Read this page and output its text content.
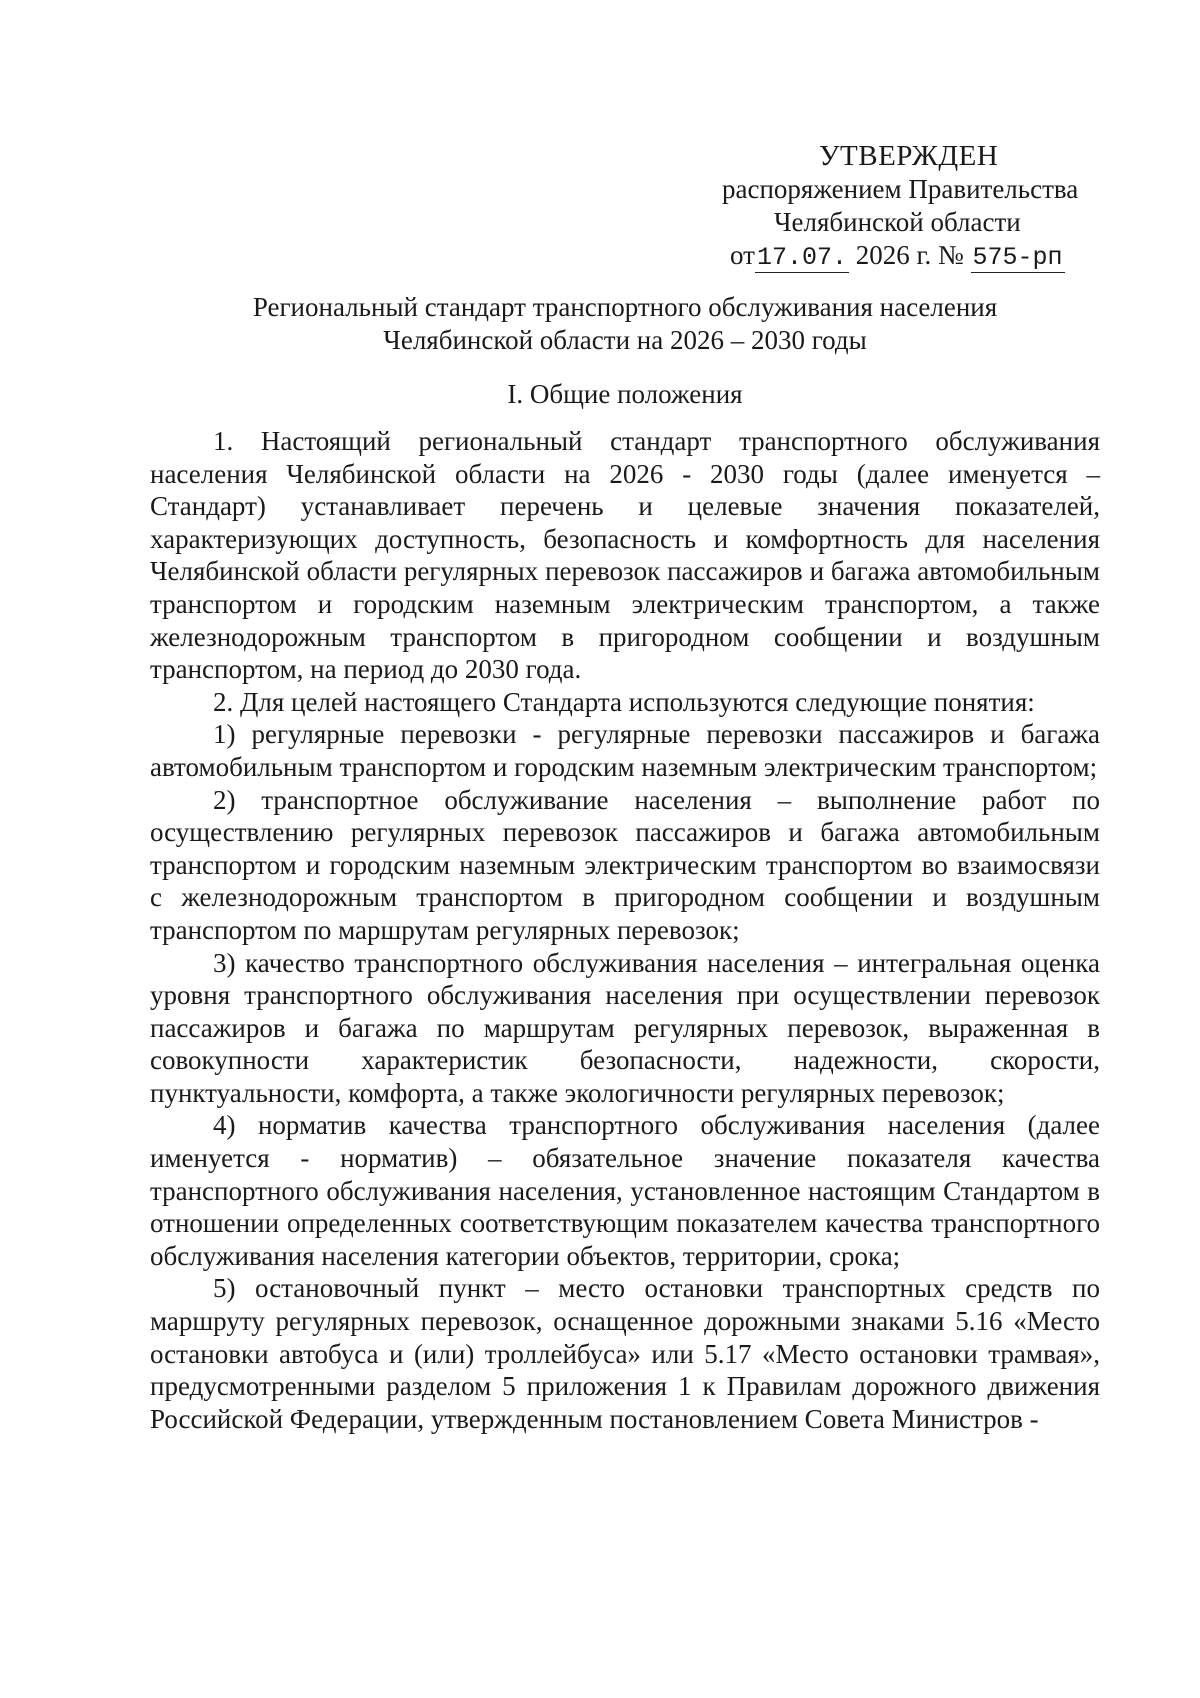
УТВЕРЖДЕН
распоряжением Правительства
Челябинской области
от17.07. 2026 г. № 575-рп
Региональный стандарт транспортного обслуживания населения
Челябинской области на 2026 – 2030 годы
I. Общие положения

1. Настоящий региональный стандарт транспортного обслуживания населения Челябинской области на 2026 - 2030 годы (далее именуется – Стандарт) устанавливает перечень и целевые значения показателей, характеризующих доступность, безопасность и комфортность для населения Челябинской области регулярных перевозок пассажиров и багажа автомобильным транспортом и городским наземным электрическим транспортом, а также железнодорожным транспортом в пригородном сообщении и воздушным транспортом, на период до 2030 года.

2. Для целей настоящего Стандарта используются следующие понятия:

1) регулярные перевозки - регулярные перевозки пассажиров и багажа автомобильным транспортом и городским наземным электрическим транспортом;

2) транспортное обслуживание населения – выполнение работ по осуществлению регулярных перевозок пассажиров и багажа автомобильным транспортом и городским наземным электрическим транспортом во взаимосвязи с железнодорожным транспортом в пригородном сообщении и воздушным транспортом по маршрутам регулярных перевозок;

3) качество транспортного обслуживания населения – интегральная оценка уровня транспортного обслуживания населения при осуществлении перевозок пассажиров и багажа по маршрутам регулярных перевозок, выраженная в совокупности характеристик безопасности, надежности, скорости, пунктуальности, комфорта, а также экологичности регулярных перевозок;

4) норматив качества транспортного обслуживания населения (далее именуется - норматив) – обязательное значение показателя качества транспортного обслуживания населения, установленное настоящим Стандартом в отношении определенных соответствующим показателем качества транспортного обслуживания населения категории объектов, территории, срока;

5) остановочный пункт – место остановки транспортных средств по маршруту регулярных перевозок, оснащенное дорожными знаками 5.16 «Место остановки автобуса и (или) троллейбуса» или 5.17 «Место остановки трамвая», предусмотренными разделом 5 приложения 1 к Правилам дорожного движения Российской Федерации, утвержденным постановлением Совета Министров -
